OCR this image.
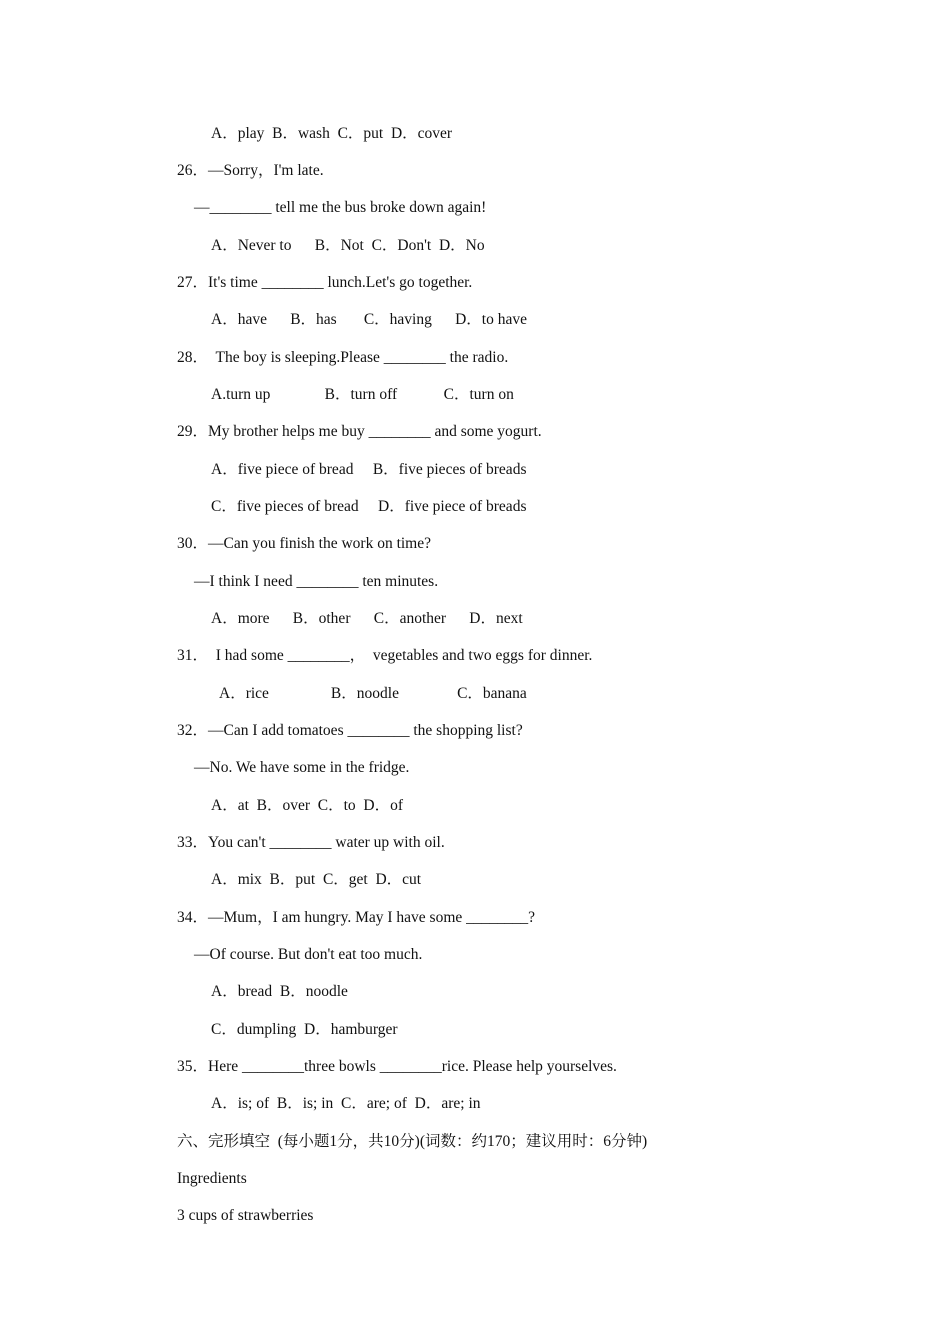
A．play  B．wash  C．put  D．cover
26．—Sorry，I'm late.
—________ tell me the bus broke down again!
A．Never to      B．Not  C．Don't  D．No
27．It's time ________ lunch.Let's go together.
A．have      B．has       C．having      D．to have
28．  The boy is sleeping.Please ________ the radio.
A.turn up              B．turn off            C．turn on
29．My brother helps me buy ________ and some yogurt.
A．five piece of bread     B．five pieces of breads
C．five pieces of bread     D．five piece of breads
30．—Can you finish the work on time?
—I think I need ________ ten minutes.
A．more      B．other      C．another      D．next
31．  I had some ________，  vegetables and two eggs for dinner.
A．rice                B．noodle               C．banana
32．—Can I add tomatoes ________ the shopping list?
—No. We have some in the fridge.
A．at  B．over  C．to  D．of
33．You can't ________ water up with oil.
A．mix  B．put  C．get  D．cut
34．—Mum，I am hungry. May I have some ________?
—Of course. But don't eat too much.
A．bread  B．noodle
C．dumpling  D．hamburger
35．Here ________three bowls ________rice. Please help yourselves.
A．is; of  B．is; in  C．are; of  D．are; in
六、完形填空  (每小题1分，共10分)(词数：约170；建议用时：6分钟)
Ingredients
3 cups of strawberries
